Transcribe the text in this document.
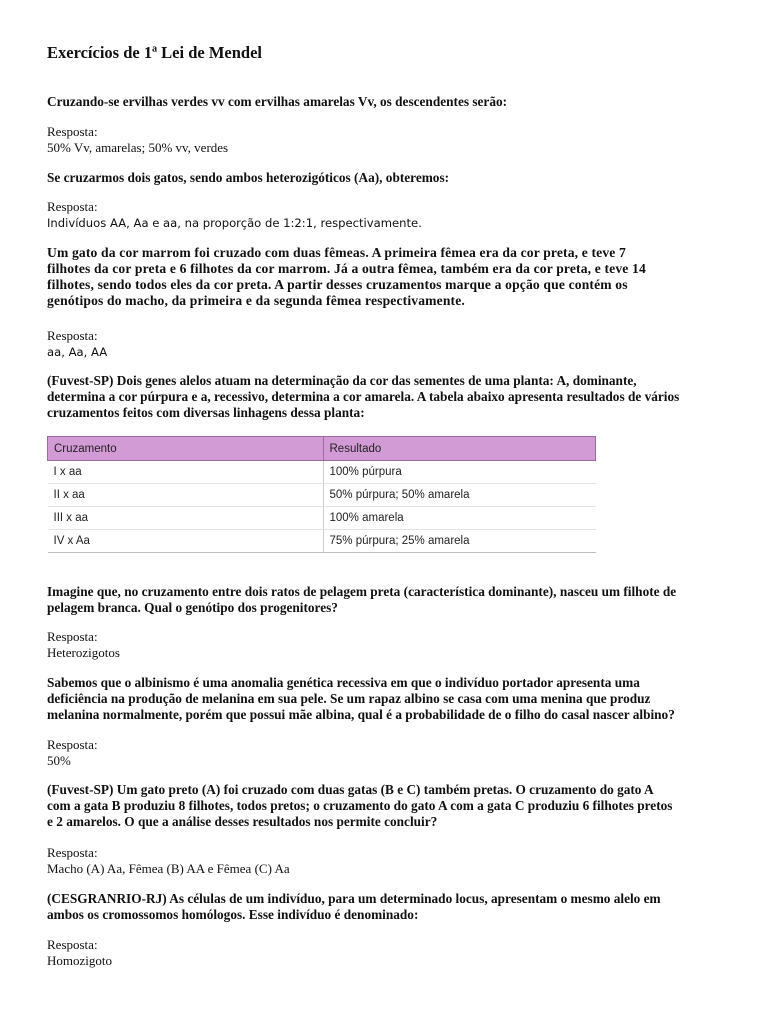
Exercícios de 1ª Lei de Mendel
Cruzando-se ervilhas verdes vv com ervilhas amarelas Vv, os descendentes serão:
Resposta:
50% Vv, amarelas; 50% vv, verdes
Se cruzarmos dois gatos, sendo ambos heterozigóticos (Aa), obteremos:
Resposta:
Indivíduos AA, Aa e aa, na proporção de 1:2:1, respectivamente.
Um gato da cor marrom foi cruzado com duas fêmeas. A primeira fêmea era da cor preta, e teve 7
filhotes da cor preta e 6 filhotes da cor marrom. Já a outra fêmea, também era da cor preta, e teve 14
filhotes, sendo todos eles da cor preta. A partir desses cruzamentos marque a opção que contém os
genótipos do macho, da primeira e da segunda fêmea respectivamente.
Resposta:
aa, Aa, AA
(Fuvest-SP) Dois genes alelos atuam na determinação da cor das sementes de uma planta: A, dominante,
determina a cor púrpura e a, recessivo, determina a cor amarela. A tabela abaixo apresenta resultados de vários
cruzamentos feitos com diversas linhagens dessa planta:
Cruzamento	Resultado
I x aa	100% púrpura
II x aa	50% púrpura; 50% amarela
III x aa	100% amarela
IV x Aa	75% púrpura; 25% amarela
Imagine que, no cruzamento entre dois ratos de pelagem preta (característica dominante), nasceu um filhote de
pelagem branca. Qual o genótipo dos progenitores?
Resposta:
Heterozigotos
Sabemos que o albinismo é uma anomalia genética recessiva em que o indivíduo portador apresenta uma
deficiência na produção de melanina em sua pele. Se um rapaz albino se casa com uma menina que produz
melanina normalmente, porém que possui mãe albina, qual é a probabilidade de o filho do casal nascer albino?
Resposta:
50%
(Fuvest-SP) Um gato preto (A) foi cruzado com duas gatas (B e C) também pretas. O cruzamento do gato A
com a gata B produziu 8 filhotes, todos pretos; o cruzamento do gato A com a gata C produziu 6 filhotes pretos
e 2 amarelos. O que a análise desses resultados nos permite concluir?
Resposta:
Macho (A) Aa, Fêmea (B) AA e Fêmea (C) Aa
(CESGRANRIO-RJ) As células de um indivíduo, para um determinado locus, apresentam o mesmo alelo em
ambos os cromossomos homólogos. Esse indivíduo é denominado:
Resposta:
Homozigoto
